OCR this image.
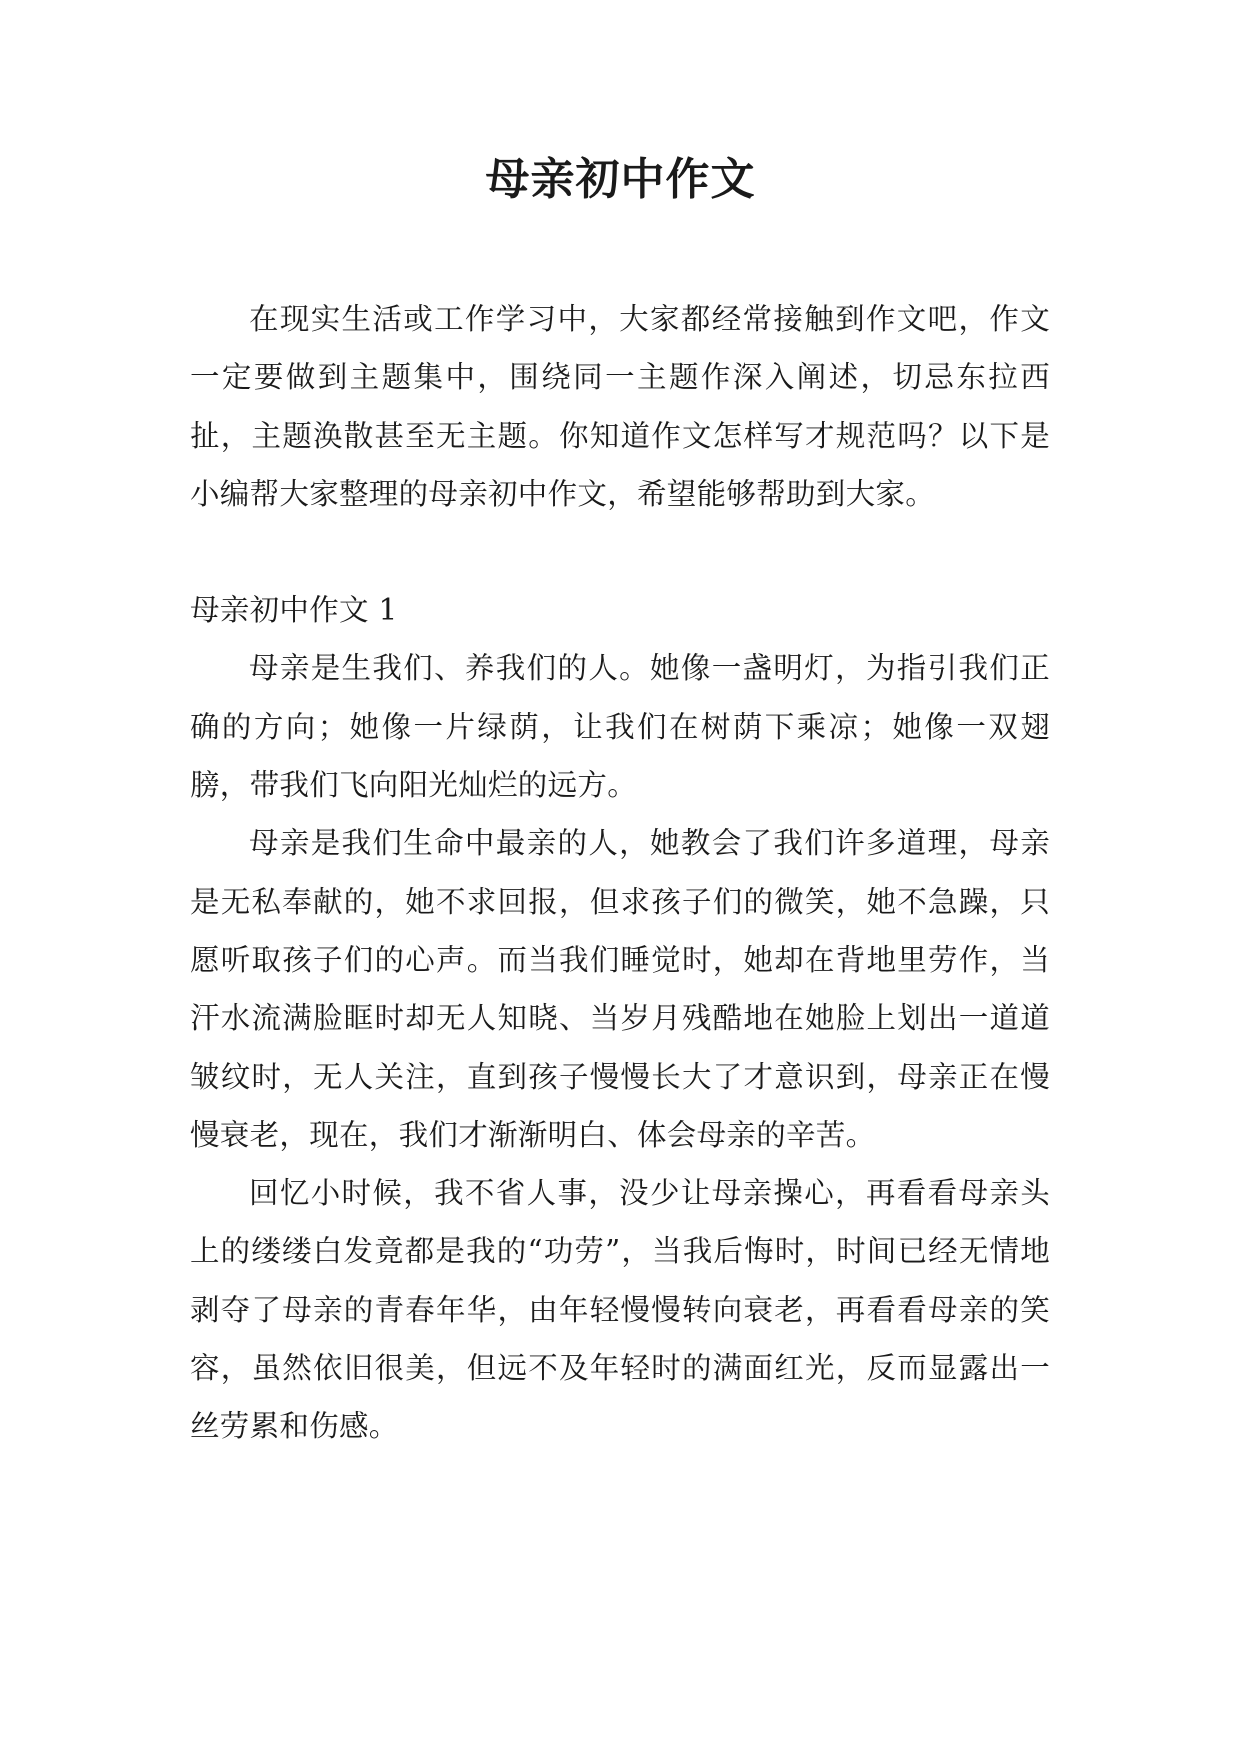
母亲初中作文

在现实生活或工作学习中，大家都经常接触到作文吧，作文一定要做到主题集中，围绕同一主题作深入阐述，切忌东拉西扯，主题涣散甚至无主题。你知道作文怎样写才规范吗？以下是小编帮大家整理的母亲初中作文，希望能够帮助到大家。

母亲初中作文 1

母亲是生我们、养我们的人。她像一盏明灯，为指引我们正确的方向；她像一片绿荫，让我们在树荫下乘凉；她像一双翅膀，带我们飞向阳光灿烂的远方。

母亲是我们生命中最亲的人，她教会了我们许多道理，母亲是无私奉献的，她不求回报，但求孩子们的微笑，她不急躁，只愿听取孩子们的心声。而当我们睡觉时，她却在背地里劳作，当汗水流满脸眶时却无人知晓、当岁月残酷地在她脸上划出一道道皱纹时，无人关注，直到孩子慢慢长大了才意识到，母亲正在慢慢衰老，现在，我们才渐渐明白、体会母亲的辛苦。

回忆小时候，我不省人事，没少让母亲操心，再看看母亲头上的缕缕白发竟都是我的“功劳”，当我后悔时，时间已经无情地剥夺了母亲的青春年华，由年轻慢慢转向衰老，再看看母亲的笑容，虽然依旧很美，但远不及年轻时的满面红光，反而显露出一丝劳累和伤感。
